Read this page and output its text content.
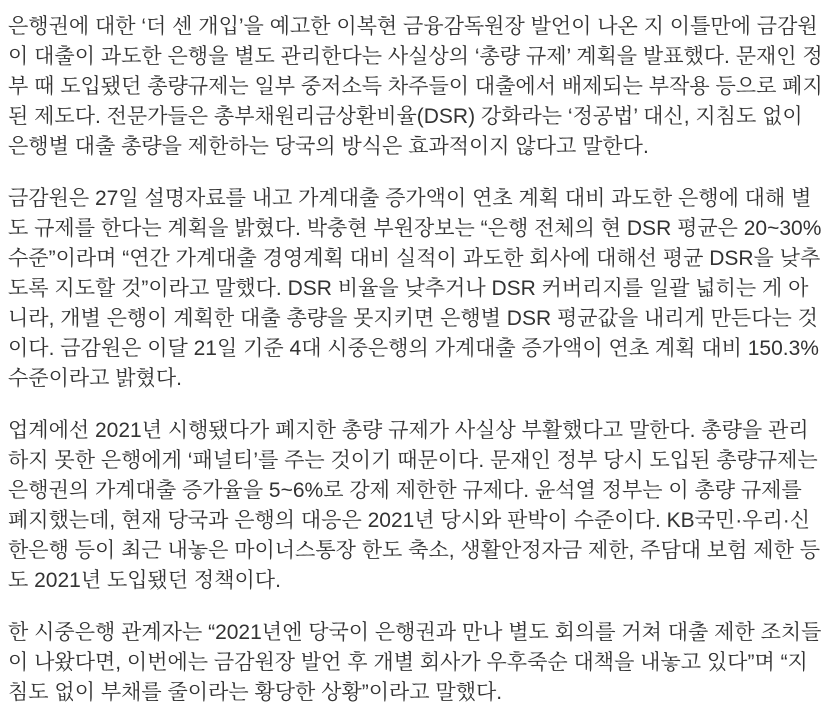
은행권에 대한 ‘더 센 개입’을 예고한 이복현 금융감독원장 발언이 나온 지 이틀만에 금감원이 대출이 과도한 은행을 별도 관리한다는 사실상의 ‘총량 규제’ 계획을 발표했다. 문재인 정부 때 도입됐던 총량규제는 일부 중저소득 차주들이 대출에서 배제되는 부작용 등으로 폐지된 제도다. 전문가들은 총부채원리금상환비율(DSR) 강화라는 ‘정공법’ 대신, 지침도 없이 은행별 대출 총량을 제한하는 당국의 방식은 효과적이지 않다고 말한다.

금감원은 27일 설명자료를 내고 가계대출 증가액이 연초 계획 대비 과도한 은행에 대해 별도 규제를 한다는 계획을 밝혔다. 박충현 부원장보는 “은행 전체의 현 DSR 평균은 20~30% 수준”이라며 “연간 가계대출 경영계획 대비 실적이 과도한 회사에 대해선 평균 DSR을 낮추도록 지도할 것”이라고 말했다. DSR 비율을 낮추거나 DSR 커버리지를 일괄 넓히는 게 아니라, 개별 은행이 계획한 대출 총량을 못지키면 은행별 DSR 평균값을 내리게 만든다는 것이다. 금감원은 이달 21일 기준 4대 시중은행의 가계대출 증가액이 연초 계획 대비 150.3% 수준이라고 밝혔다.

업계에선 2021년 시행됐다가 폐지한 총량 규제가 사실상 부활했다고 말한다. 총량을 관리하지 못한 은행에게 ‘패널티’를 주는 것이기 때문이다. 문재인 정부 당시 도입된 총량규제는 은행권의 가계대출 증가율을 5~6%로 강제 제한한 규제다. 윤석열 정부는 이 총량 규제를 폐지했는데, 현재 당국과 은행의 대응은 2021년 당시와 판박이 수준이다. KB국민·우리·신한은행 등이 최근 내놓은 마이너스통장 한도 축소, 생활안정자금 제한, 주담대 보험 제한 등도 2021년 도입됐던 정책이다.

한 시중은행 관계자는 “2021년엔 당국이 은행권과 만나 별도 회의를 거쳐 대출 제한 조치들이 나왔다면, 이번에는 금감원장 발언 후 개별 회사가 우후죽순 대책을 내놓고 있다”며 “지침도 없이 부채를 줄이라는 황당한 상황”이라고 말했다.
